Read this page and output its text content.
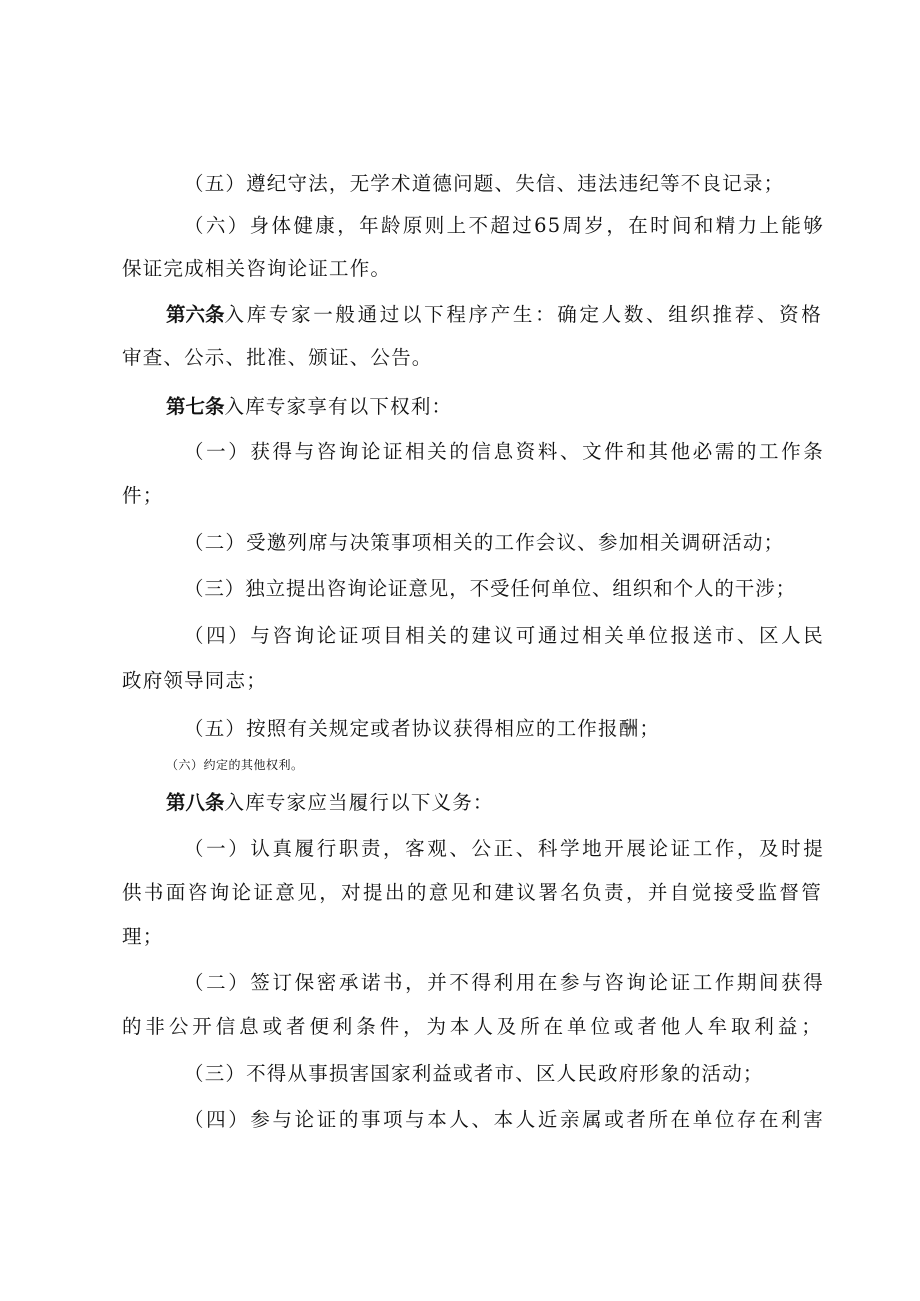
（五）遵纪守法，无学术道德问题、失信、违法违纪等不良记录；
（六）身体健康，年龄原则上不超过65周岁，在时间和精力上能够
保证完成相关咨询论证工作。
第六条 入库专家一般通过以下程序产生：确定人数、组织推荐、资格
审查、公示、批准、颁证、公告。
第七条入库专家享有以下权利：
（一）获得与咨询论证相关的信息资料、文件和其他必需的工作条
件；
（二）受邀列席与决策事项相关的工作会议、参加相关调研活动；
（三）独立提出咨询论证意见，不受任何单位、组织和个人的干涉；
（四）与咨询论证项目相关的建议可通过相关单位报送市、区人民
政府领导同志；
（五）按照有关规定或者协议获得相应的工作报酬；
（六）约定的其他权利。
第八条入库专家应当履行以下义务：
（一）认真履行职责，客观、公正、科学地开展论证工作，及时提
供书面咨询论证意见，对提出的意见和建议署名负责，并自觉接受监督管
理；
（二）签订保密承诺书，并不得利用在参与咨询论证工作期间获得
的非公开信息或者便利条件，为本人及所在单位或者他人牟取利益；
（三）不得从事损害国家利益或者市、区人民政府形象的活动；
（四）参与论证的事项与本人、本人近亲属或者所在单位存在利害
